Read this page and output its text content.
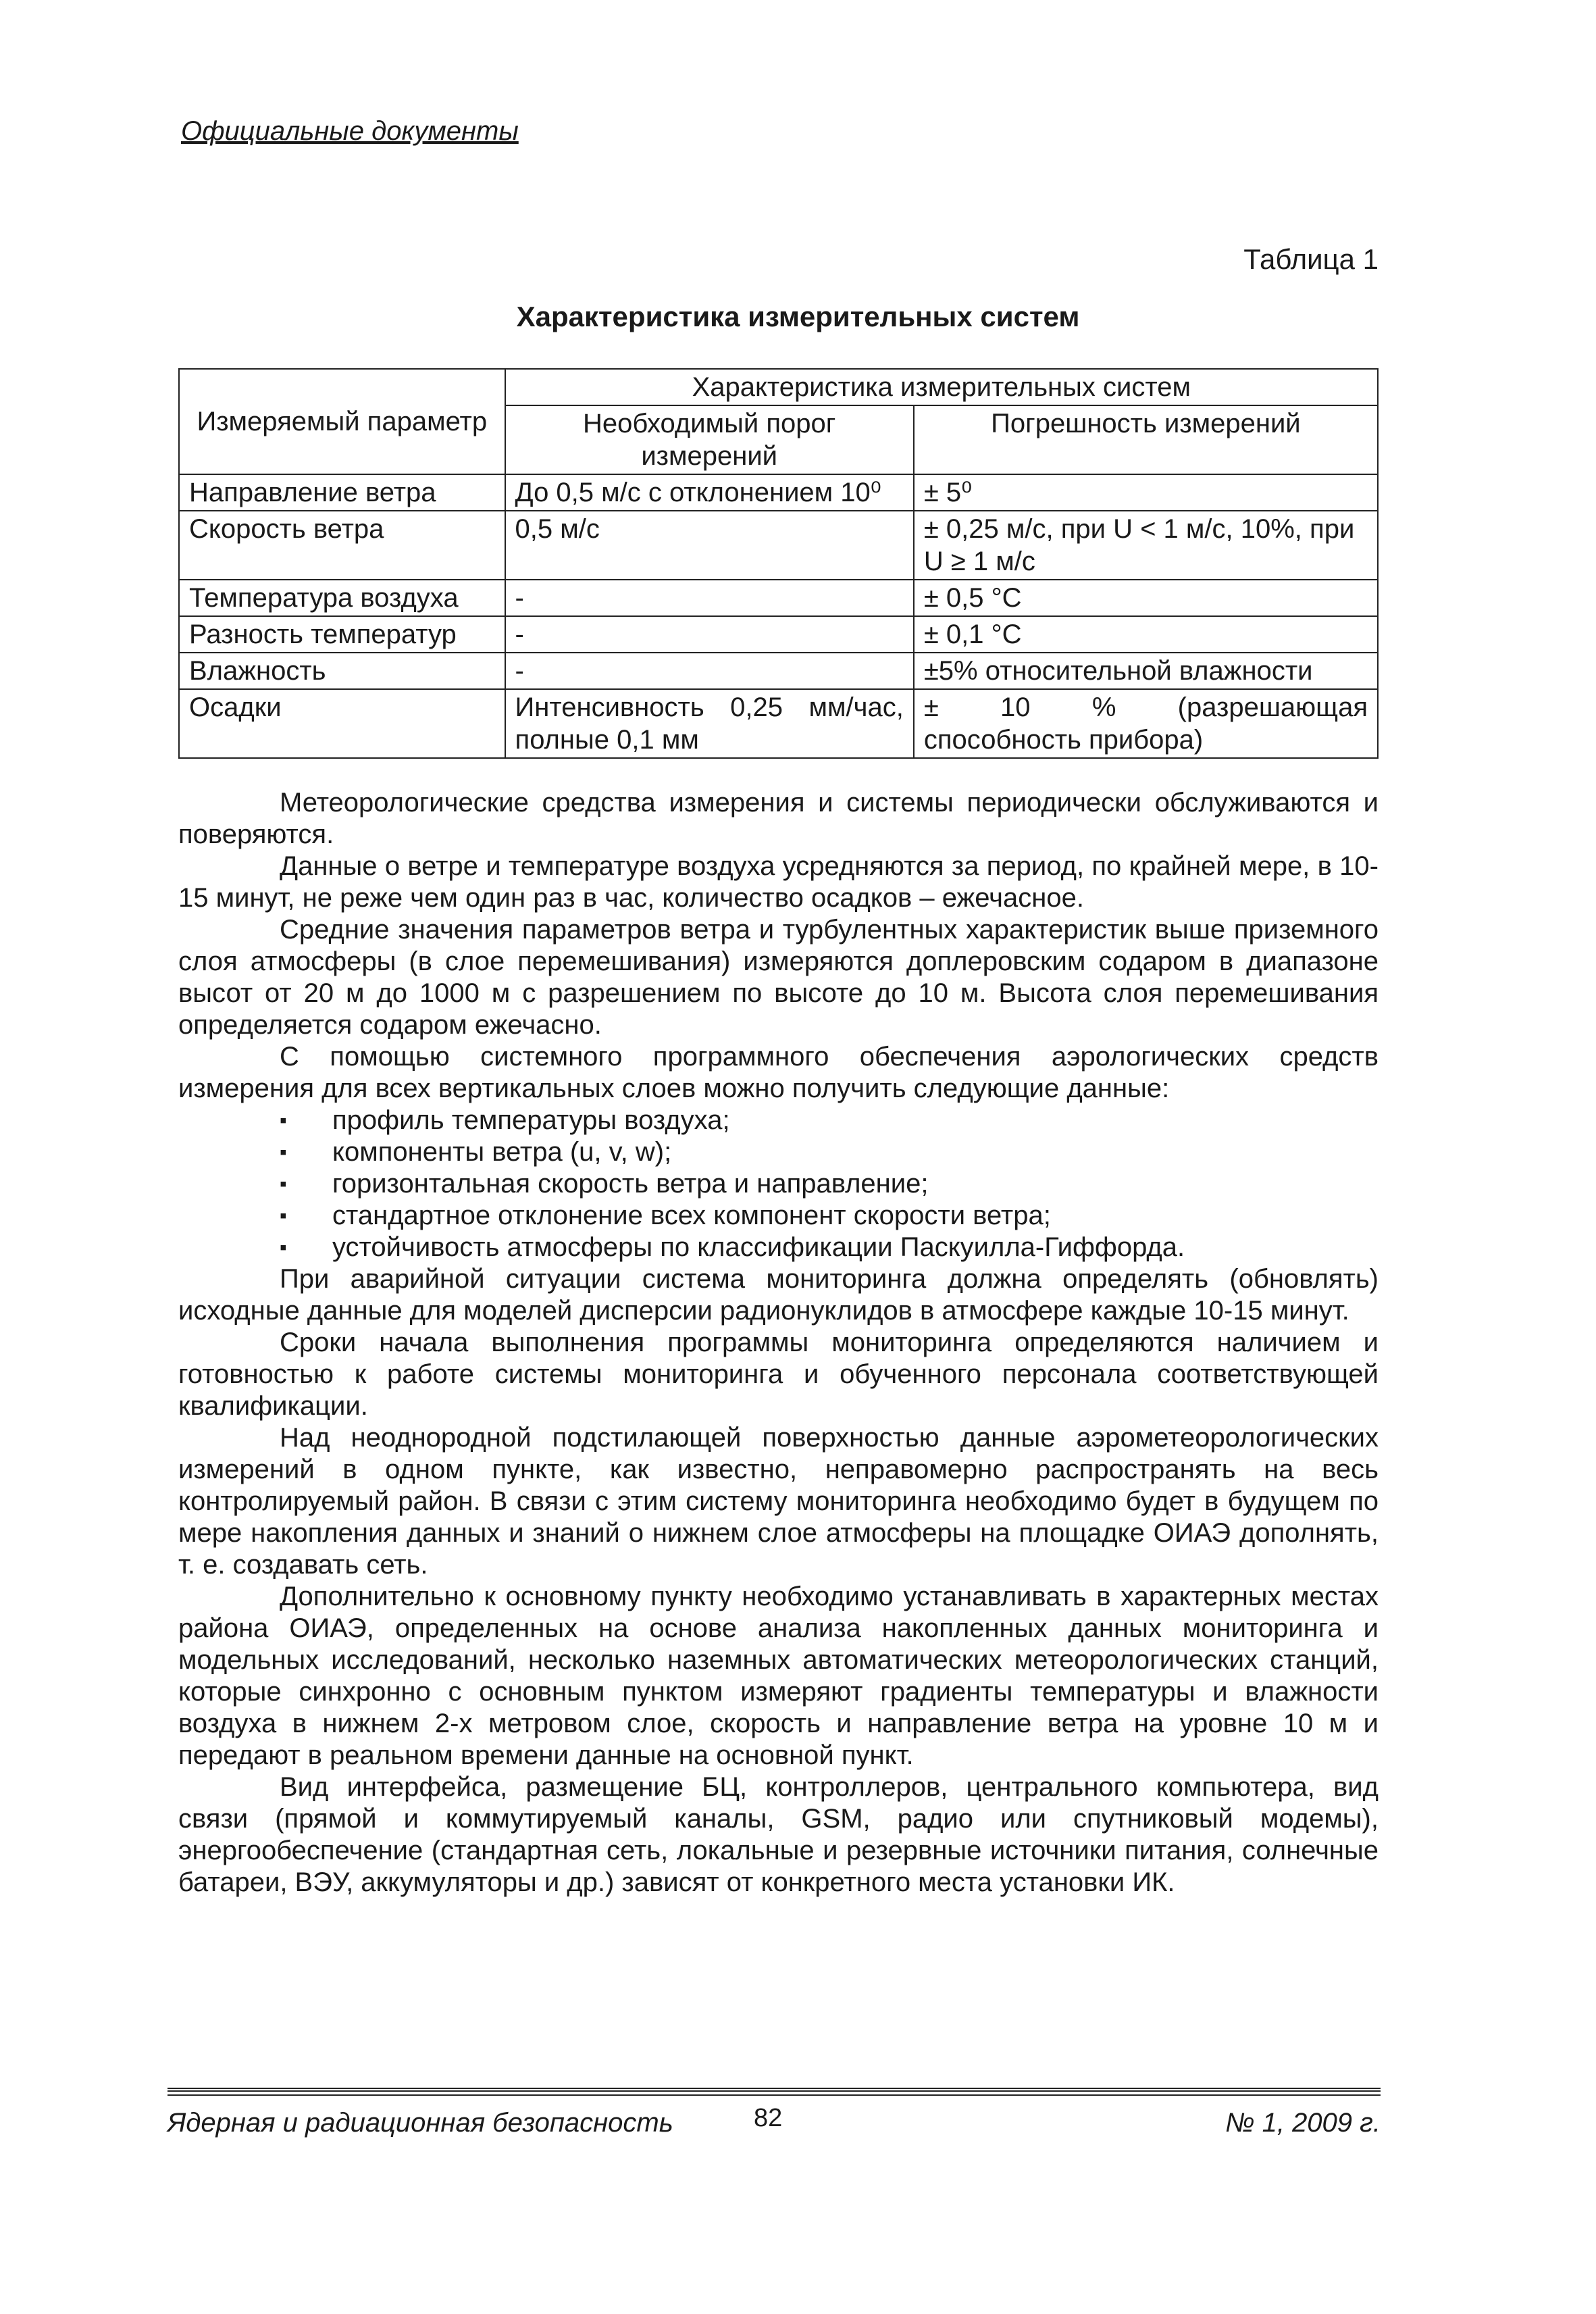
Официальные документы
Таблица 1
Характеристика измерительных систем
Измеряемый параметр	Характеристика измерительных систем	
	Необходимый порог измерений	Погрешность измерений
Направление ветра	До 0,5 м/с с отклонением 10⁰	± 5⁰
Скорость ветра	0,5 м/с	± 0,25 м/с, при U < 1 м/с, 10%, при U ≥ 1 м/с
Температура воздуха	-	± 0,5 °C
Разность температур	-	± 0,1 °C
Влажность	-	±5% относительной влажности
Осадки	Интенсивность 0,25 мм/час, полные 0,1 мм	± 10 % (разрешающая способность прибора)

Метеорологические средства измерения и системы периодически обслуживаются и поверяются.

Данные о ветре и температуре воздуха усредняются за период, по крайней мере, в 10-15 минут, не реже чем один раз в час, количество осадков – ежечасное.

Средние значения параметров ветра и турбулентных характеристик выше приземного слоя атмосферы (в слое перемешивания) измеряются доплеровским содаром в диапазоне высот от 20 м до 1000 м с разрешением по высоте до 10 м. Высота слоя перемешивания определяется содаром ежечасно.

С помощью системного программного обеспечения аэрологических средств измерения для всех вертикальных слоев можно получить следующие данные:

▪ профиль температуры воздуха;
▪ компоненты ветра (u, v, w);
▪ горизонтальная скорость ветра и направление;
▪ стандартное отклонение всех компонент скорости ветра;
▪ устойчивость атмосферы по классификации Паскуилла-Гиффорда.

При аварийной ситуации система мониторинга должна определять (обновлять) исходные данные для моделей дисперсии радионуклидов в атмосфере каждые 10-15 минут.

Сроки начала выполнения программы мониторинга определяются наличием и готовностью к работе системы мониторинга и обученного персонала соответствующей квалификации.

Над неоднородной подстилающей поверхностью данные аэрометеорологических измерений в одном пункте, как известно, неправомерно распространять на весь контролируемый район. В связи с этим систему мониторинга необходимо будет в будущем по мере накопления данных и знаний о нижнем слое атмосферы на площадке ОИАЭ дополнять, т. е. создавать сеть.

Дополнительно к основному пункту необходимо устанавливать в характерных местах района ОИАЭ, определенных на основе анализа накопленных данных мониторинга и модельных исследований, несколько наземных автоматических метеорологических станций, которые синхронно с основным пунктом измеряют градиенты температуры и влажности воздуха в нижнем 2-х метровом слое, скорость и направление ветра на уровне 10 м и передают в реальном времени данные на основной пункт.

Вид интерфейса, размещение БЦ, контроллеров, центрального компьютера, вид связи (прямой и коммутируемый каналы, GSM, радио или спутниковый модемы), энергообеспечение (стандартная сеть, локальные и резервные источники питания, солнечные батареи, ВЭУ, аккумуляторы и др.) зависят от конкретного места установки ИК.

Ядерная и радиационная безопасность	82	№ 1, 2009 г.
